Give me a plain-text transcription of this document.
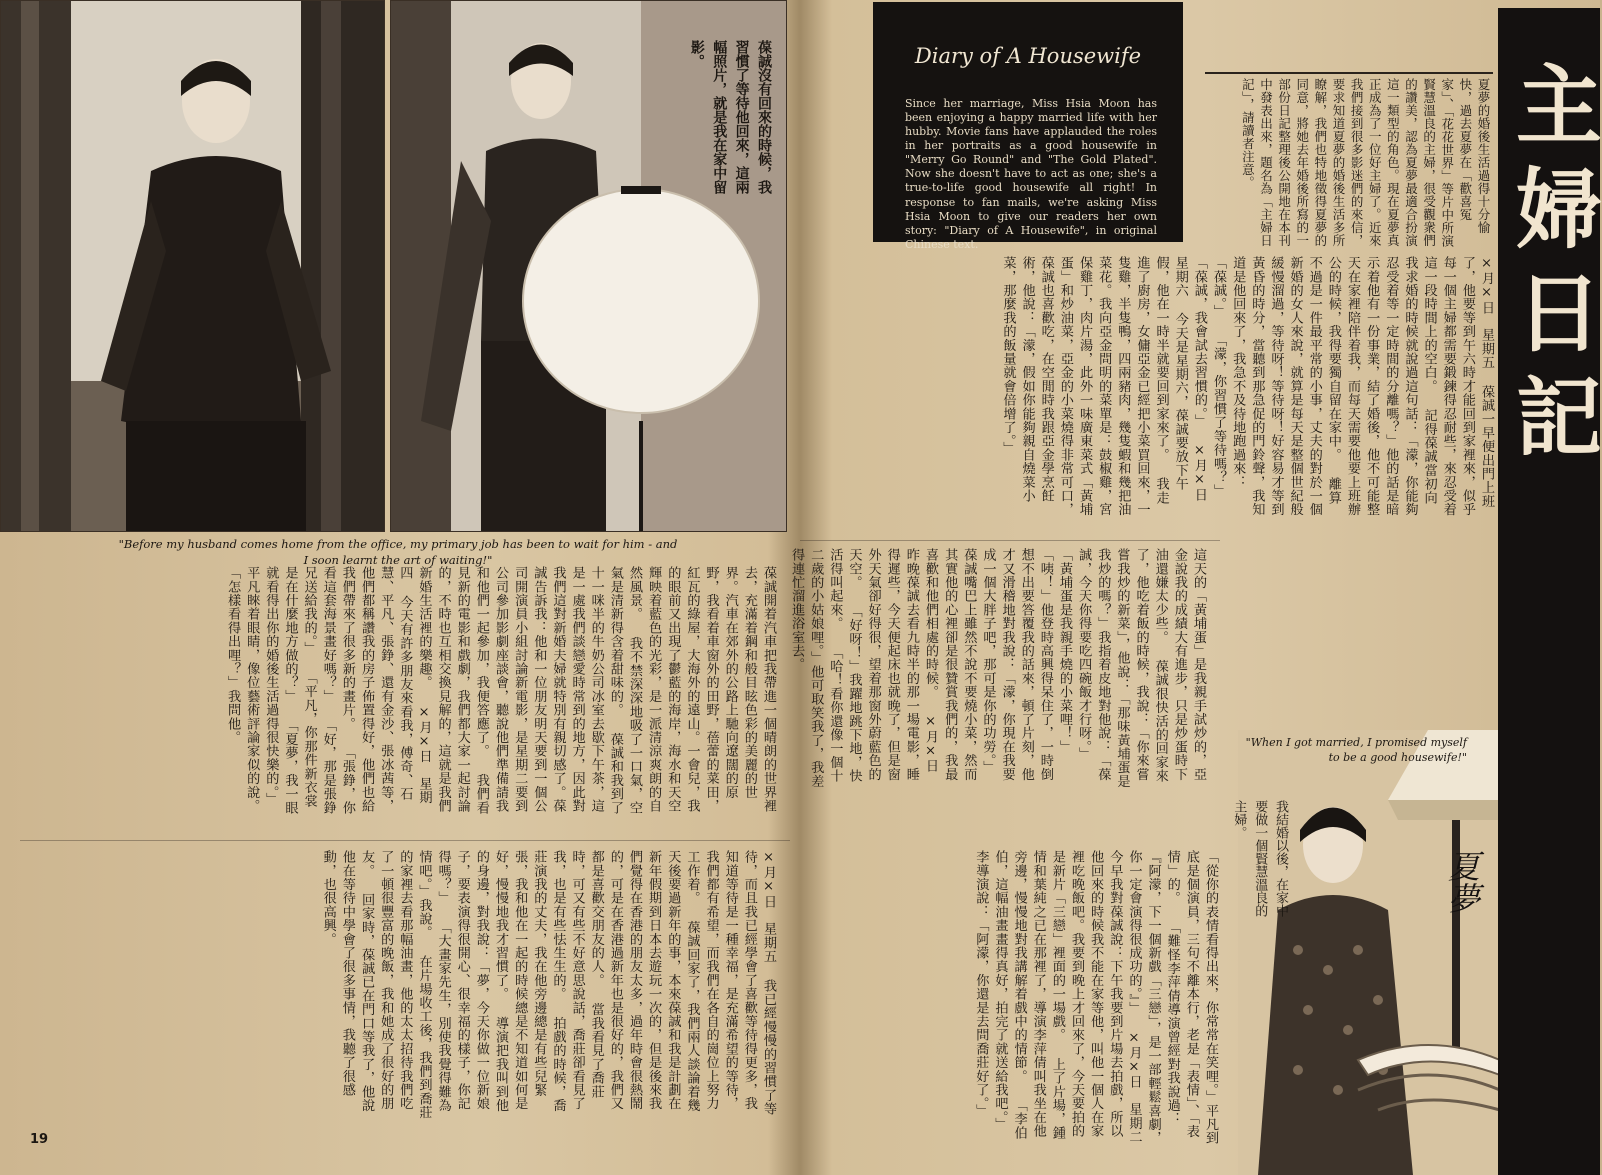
葆誠沒有回來的時候，我習慣了等待他回來，這兩幅照片，就是我在家中留影。
"Before my husband comes home from the office, my primary job has been to wait for him - and I soon learnt the art of waiting!"
Diary of A Housewife
Since her marriage, Miss Hsia Moon has been enjoying a happy married life with her hubby. Movie fans have applauded the roles in her portraits as a good housewife in "Merry Go Round" and "The Gold Plated". Now she doesn't have to act as one; she's a true-to-life good housewife all right! In response to fan mails, we're asking Miss Hsia Moon to give our readers her own story: "Diary of A Housewife", in original Chinese text.
夏夢的婚後生活過得十分愉快，過去夏夢在「歡喜冤家」、「花花世界」等片中所演賢慧溫良的主婦，很受觀衆們的讚美，認為夏夢最適合扮演這一類型的角色。現在夏夢真正成為了一位好主婦了。近來我們接到很多影迷們的來信，要求知道夏夢的婚後生活多所瞭解，我們也特地徵得夏夢的同意，將她去年婚後所寫的一部份日記整理後公開地在本刊中發表出來，題名為「主婦日記」，請讀者注意。
×月×日　星期五 葆誠一早便出門上班了，他要等到午六時才能回到家裡來，似乎每一個主婦都需要鍛鍊得忍耐些，來忍受着這一段時間上的空白。 記得葆誠當初向我求婚的時候就說過這句話：「濛，你能夠忍受着等一定時間的分離嗎？」他的話是暗示着他有一份事業，結了婚後，他不可能整天在家裡陪伴着我，而每天需要他要上班辦公的時候，我得要獨自留在家中。 離算不過是一件最平常的小事，丈夫的對於一個新婚的女人來說，就算是每天是整個世紀般緩慢溜過，等待呀！等待呀！好容易才等到黃昏的時分，當聽到那急促的門鈴聲，我知道是他回來了，我急不及待地跑過來： 「葆誠。」 「濛，你習慣了等待嗎？」 「葆誠，我會試去習慣的。」 ×月×日　星期六 今天是星期六，葆誠要放下午假，他在一時半就要回到家來了。 我走進了廚房，女傭亞金已經把小菜買回來，一隻雞，半隻鴨，四兩豬肉，幾隻蝦和幾把油菜花。我向亞金問明的菜單是：鼓椒雞，宮保雞丁，肉片湯，此外一味廣東菜式「黃埔蛋」和炒油菜，亞金的小菜燒得非常可口，葆誠也喜歡吃，在空閒時我跟亞金學烹飪術，他說：「濛，假如你能夠親自燒菜小菜，那麼我的飯量就會倍增了。」
這天的「黃埔蛋」是我親手試炒的，亞金說我的成績大有進步，只是炒蛋時下油還嫌太少些。 葆誠很快活的回家來了，他吃着飯的時候，我說：「你來嘗嘗我炒的新菜」，他說：「那味黃埔蛋是我炒的嗎？」我指着皮地對他說：「葆誠，今天你得要吃四碗飯才行呀。」 「黃埔蛋是我親手燒的小菜哩！」 「咦！」他登時高興得呆住了，一時倒想不出要答覆我的話來，頓了片刻，他才又滑稽地對我說：「濛，你現在我要成一個大胖子吧，那可是你的功勞。」 葆誠嘴巴上雖然不說不要燒小菜，然而其實他的心裡卻是很贊賞我們的，我最喜歡和他們相處的時候。 ×月×日 昨晚葆誠去看九時半的那一場電影，睡得遲些，今天便起床也就晚了，但是窗外天氣卻好得很，望着那窗外蔚藍色的天空。 「好呀！」我躍地跳下地，快活得叫起來。 「哈！看你還像一個十二歲的小姑娘哩。」他可取笑我了，我差得連忙溜進浴室去。
「從你的表情看得出來，你常常在笑哩。」平凡到底是個演員，三句不離本行，老是「表情」、「表情」的。 「難怪李萍倩導演曾經對我說過：『阿濛，下一個新戲「三戀」，是一部輕鬆喜劇，你一定會演得很成功的。』」 ×月×日　星期二 今早我對葆誠說：下午我要到片場去拍戲，所以他回來的時候我不能在家等他，叫他一個人在家裡吃晚飯吧。我要到晚上才回來了，今天要拍的是新片「三戀」裡面的一場戲。 上了片場，鍾情和葉純之已在那裡了，導演李萍倩叫我坐在他旁邊，慢慢地對我講解着戲中的情節。 「李伯伯，這幅油畫畫得真好，拍完了就送給我吧。」 李導演說：「阿濛，你還是去問喬莊好了。」
葆誠開着汽車把我帶進一個晴朗的世界裡去，充滿着鋼和般目眩色彩的美麗的世界。汽車在郊外的公路上馳向遼闊的原野，我看着車窗外的田野，蓓蕾的菜田，紅瓦的綠屋，大海外的遠山。一會兒，我的眼前又出現了鬱藍的海岸，海水和天空輝映着藍色的光彩，是一派清涼爽朗的自然風景。 我不禁深深地吸了一口氣，空氣是清新得含着甜味的。 葆誠和我到了十一咪半的牛奶公司冰室去歇下午茶，這是一處我們談戀愛時常到的地方，因此對我們這對新婚夫婦就特別有親切感了。葆誠告訴我：他和一位朋友明天要到一個公司開演員小組討論新電影，是星期二要到公司參加影劇座談會，聽說他們準備請我和他們一起參加，我便答應了。 我們看見新的電影和戲劇，我們都大家一起討論的，不時也互相交換見解的，這就是我們新婚生活裡的樂趣。 ×月×日　星期四 今天有許多朋友來看我，傅奇、石慧、平凡、張錚、還有金沙、張冰茜等，他們都稱讚我的房子佈置得好，他們也給我們帶來了很多新的畫片。 「張錚，你看這套海景畫好嗎？」 「好，那是張錚兄送給我的。」 「平凡，你那件新衣裳是在什麼地方做的？」 「夏夢，我一眼就看得出你的婚後生活過得很快樂的。」平凡睞着眼睛，像位藝術評論家似的說。 「怎樣看得出哩？」我問他。
×月×日　星期五 我已經慢慢的習慣了等待，而且我已經學會了喜歡等待得更多，我知道等待是一種幸福，是充滿希望的等待，我們都有希望，而我們在各自的崗位上努力工作着。 葆誠回家了，我們兩人談論着幾天後要過新年的事，本來葆誠和我是計劃在新年假期到日本去遊玩一次的，但是後來我們覺得在香港的朋友太多，過年時會很熱鬧的，可是在香港過新年也是很好的，我們又都是喜歡交朋友的人。 當我看見了喬莊時，可又有些不好意思說話，喬莊卻看見了我，也是有些怯生生的。 拍戲的時候，喬莊演我的丈夫，我在他旁邊總是有些兒緊張，我和他在一起的時候總是不知道如何是好，慢慢地我才習慣了。 導演把我叫到他的身邊，對我說：「夢，今天你做一位新娘子，要表演得很開心、很幸福的樣子，你記得嗎？」 「大畫家先生，別使我覺得難為情吧。」我說。 在片場收工後，我們到喬莊的家裡去看那幅油畫，他的太太招待我們吃了一頓很豐富的晚飯，我和她成了很好的朋友。 回家時，葆誠已在門口等我了，他說他在等待中學會了很多事情，我聽了很感動，也很高興。
"When I got married, I promised myself to be a good housewife!"
我結婚以後，在家中要做一個賢慧溫良的主婦。
主婦日記
夏夢
19
